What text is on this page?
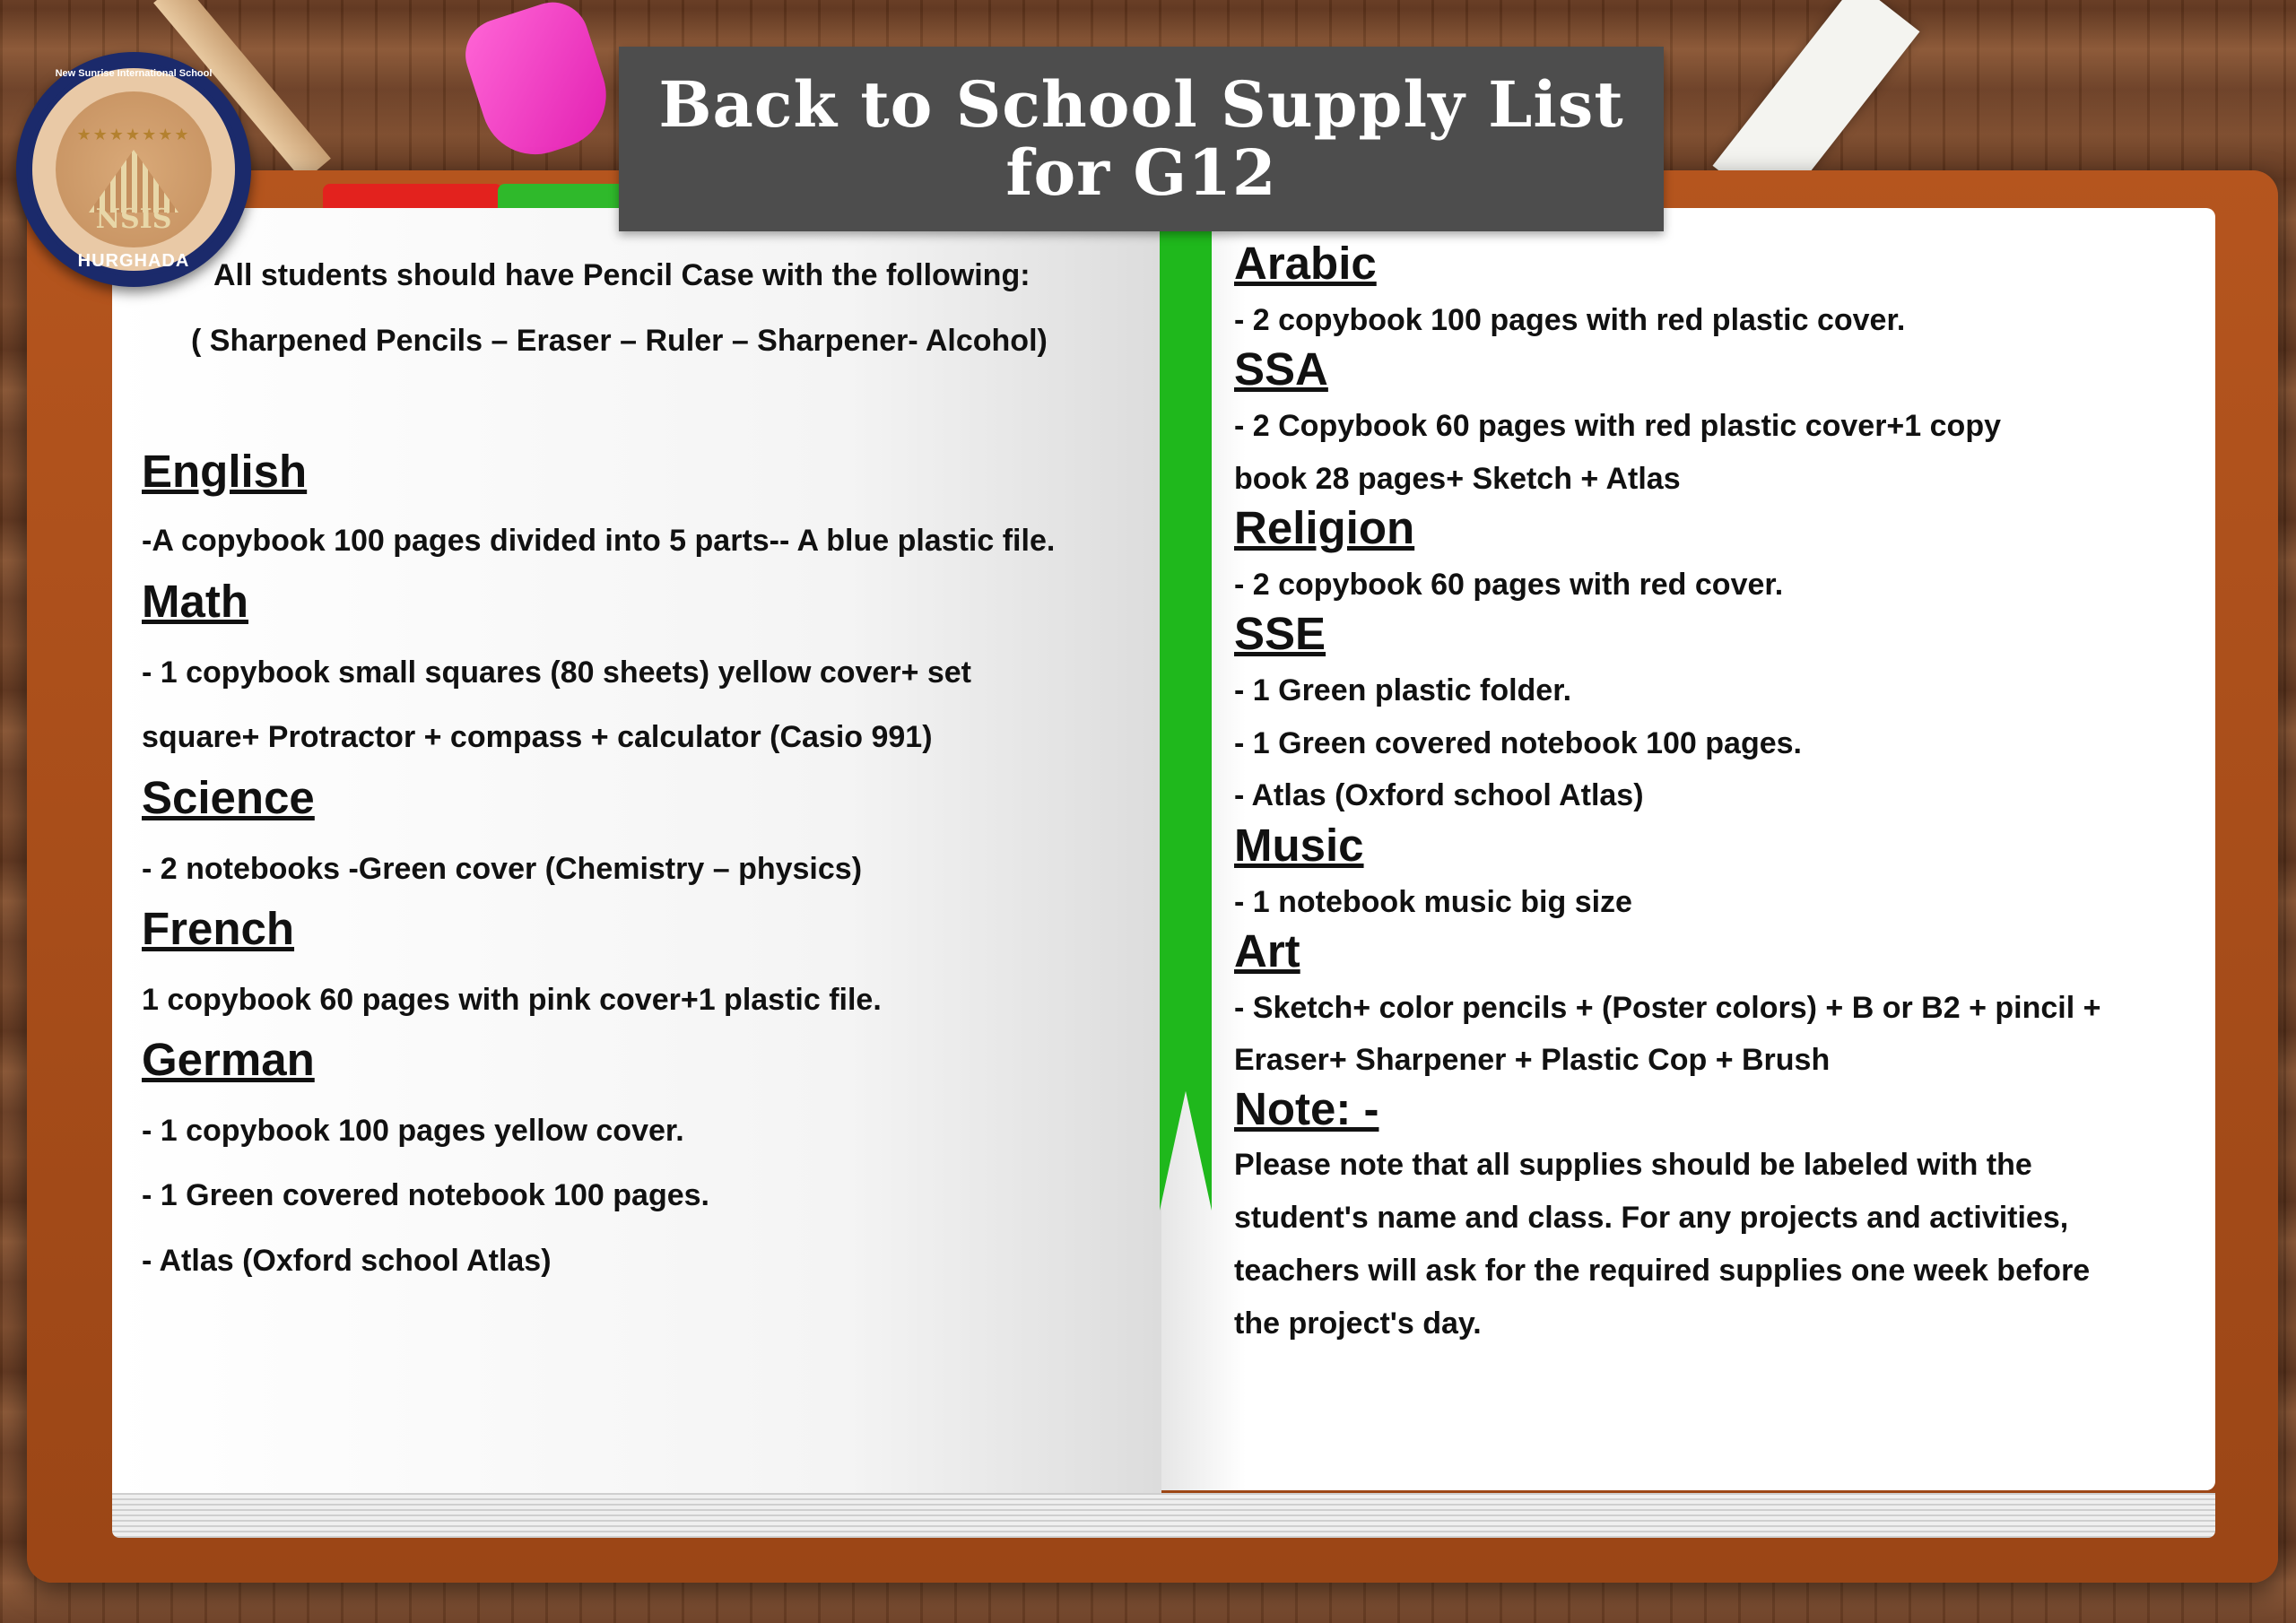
Back to School Supply List
for G12
★★★★★★★
NSIS
New Sunrise International School
HURGHADA All students should have Pencil Case with the following:
( Sharpened Pencils – Eraser – Ruler – Sharpener- Alcohol)
English
-A copybook 100 pages divided into 5 parts-- A blue plastic file.
Math
- 1 copybook small squares (80 sheets) yellow cover+ set
square+ Protractor + compass + calculator (Casio 991)
Science
- 2 notebooks -Green cover (Chemistry – physics)
French
1 copybook 60 pages with pink cover+1 plastic file.
German
- 1 copybook 100 pages yellow cover.
- 1 Green covered notebook 100 pages.
- Atlas (Oxford school Atlas)
Arabic
- 2 copybook 100 pages with red plastic cover.
SSA
- 2 Copybook 60 pages with red plastic cover+1 copy
book 28 pages+ Sketch + Atlas
Religion
- 2 copybook 60 pages with red cover.
SSE
- 1 Green plastic folder.
- 1 Green covered notebook 100 pages.
- Atlas (Oxford school Atlas)
Music
- 1 notebook music big size
Art
- Sketch+ color pencils + (Poster colors) + B or B2 + pincil +
Eraser+ Sharpener + Plastic Cop + Brush
Note: -
Please note that all supplies should be labeled with the student's name and class. For any projects and activities, teachers will ask for the required supplies one week before the project's day.
